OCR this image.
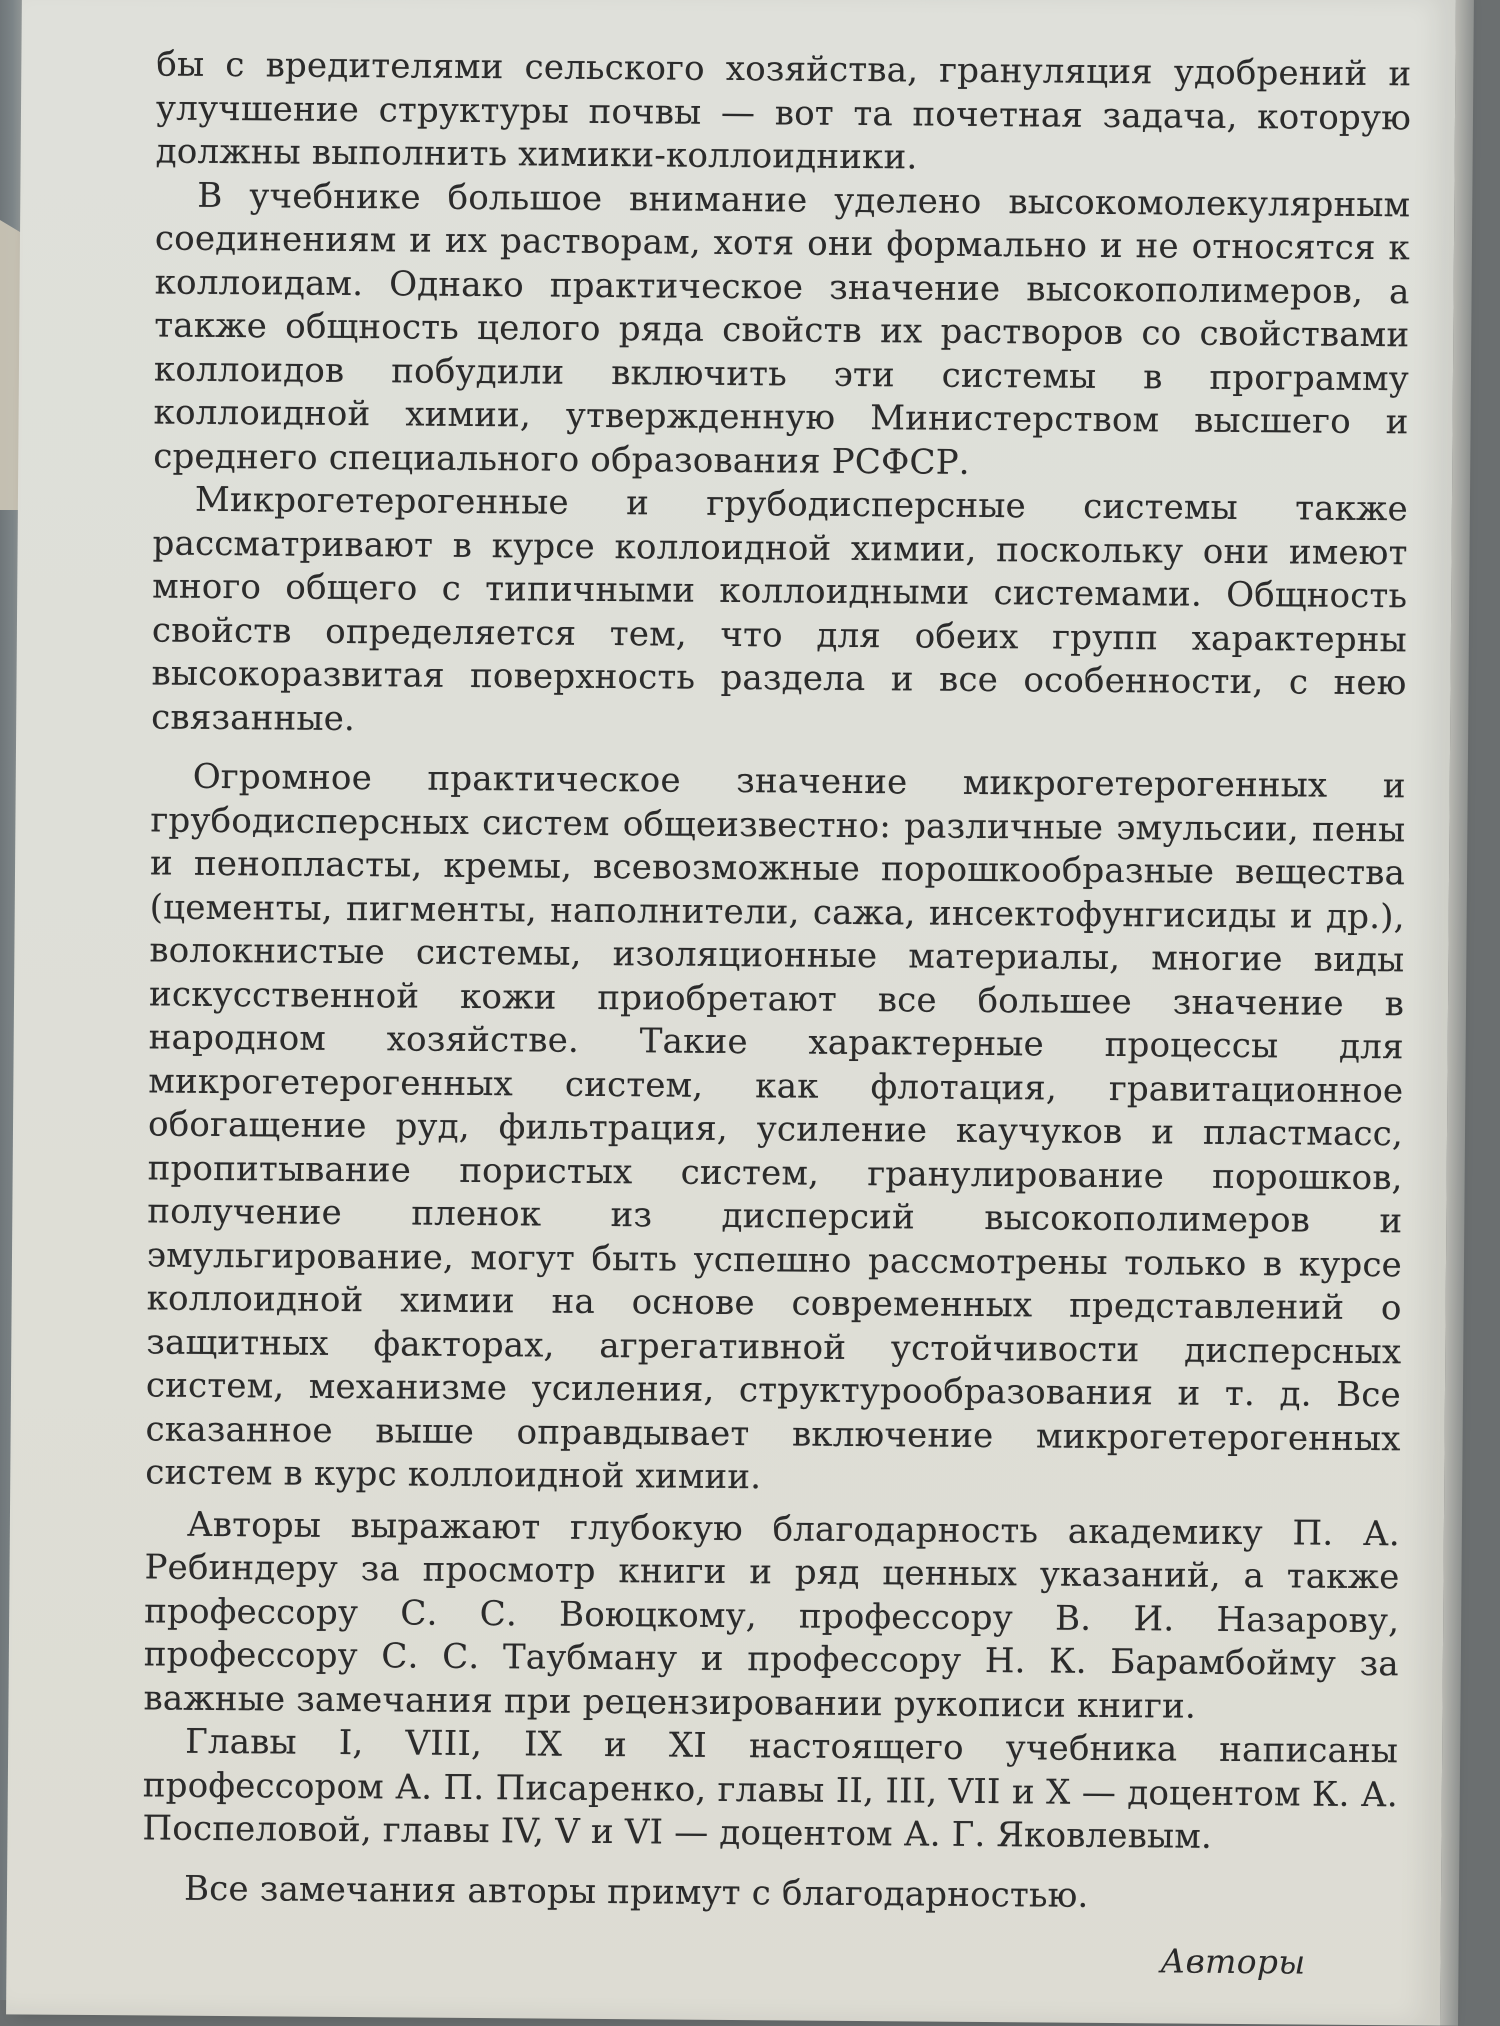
бы с вредителями сельского хозяйства, грануляция удобрений и улучшение структуры почвы — вот та почетная задача, которую должны выполнить химики-коллоидники.

В учебнике большое внимание уделено высокомолекулярным соединениям и их растворам, хотя они формально и не относятся к коллоидам. Однако практическое значение высокополимеров, а также общность целого ряда свойств их растворов со свойствами коллоидов побудили включить эти системы в программу коллоидной химии, утвержденную Министерством высшего и среднего специального образования РСФСР.

Микрогетерогенные и грубодисперсные системы также рассматривают в курсе коллоидной химии, поскольку они имеют много общего с типичными коллоидными системами. Общность свойств определяется тем, что для обеих групп характерны высокоразвитая поверхность раздела и все особенности, с нею связанные.

Огромное практическое значение микрогетерогенных и грубодисперсных систем общеизвестно: различные эмульсии, пены и пенопласты, кремы, всевозможные порошкообразные вещества (цементы, пигменты, наполнители, сажа, инсектофунгисиды и др.), волокнистые системы, изоляционные материалы, многие виды искусственной кожи приобретают все большее значение в народном хозяйстве. Такие характерные процессы для микрогетерогенных систем, как флотация, гравитационное обогащение руд, фильтрация, усиление каучуков и пластмасс, пропитывание пористых систем, гранулирование порошков, получение пленок из дисперсий высокополимеров и эмульгирование, могут быть успешно рассмотрены только в курсе коллоидной химии на основе современных представлений о защитных факторах, агрегативной устойчивости дисперсных систем, механизме усиления, структурообразования и т. д. Все сказанное выше оправдывает включение микрогетерогенных систем в курс коллоидной химии.

Авторы выражают глубокую благодарность академику П. А. Ребиндеру за просмотр книги и ряд ценных указаний, а также профессору С. С. Воюцкому, профессору В. И. Назарову, профессору С. С. Таубману и профессору Н. К. Барамбойму за важные замечания при рецензировании рукописи книги.

Главы I, VIII, IX и XI настоящего учебника написаны профессором А. П. Писаренко, главы II, III, VII и X — доцентом К. А. Поспеловой, главы IV, V и VI — доцентом А. Г. Яковлевым.

Все замечания авторы примут с благодарностью.

Авторы
